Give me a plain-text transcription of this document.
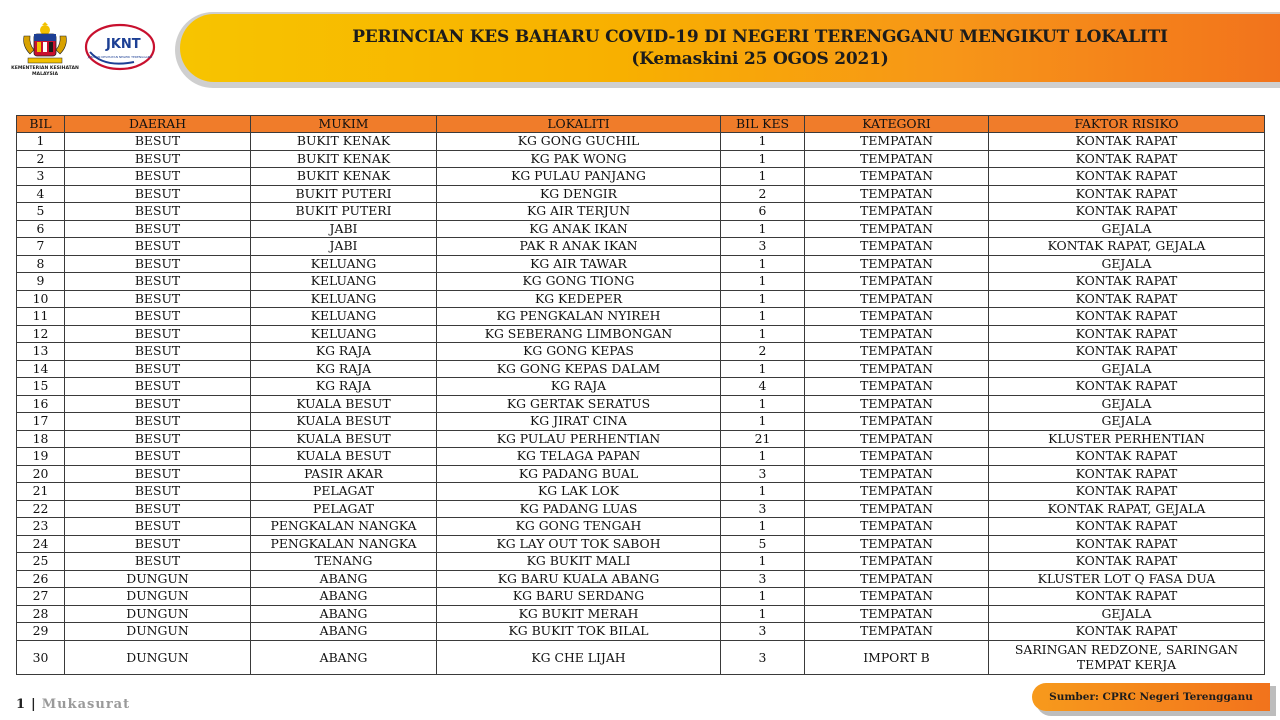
KEMENTERIAN KESIHATAN MALAYSIA
JKNT
JABATAN KESIHATAN NEGERI TERENGGANU
PERINCIAN KES BAHARU COVID-19 DI NEGERI TERENGGANU MENGIKUT LOKALITI
(Kemaskini 25 OGOS 2021)
BIL	DAERAH	MUKIM	LOKALITI	BIL KES	KATEGORI	FAKTOR RISIKO
1	BESUT	BUKIT KENAK	KG GONG GUCHIL	1	TEMPATAN	KONTAK RAPAT
2	BESUT	BUKIT KENAK	KG PAK WONG	1	TEMPATAN	KONTAK RAPAT
3	BESUT	BUKIT KENAK	KG PULAU PANJANG	1	TEMPATAN	KONTAK RAPAT
4	BESUT	BUKIT PUTERI	KG DENGIR	2	TEMPATAN	KONTAK RAPAT
5	BESUT	BUKIT PUTERI	KG AIR TERJUN	6	TEMPATAN	KONTAK RAPAT
6	BESUT	JABI	KG ANAK IKAN	1	TEMPATAN	GEJALA
7	BESUT	JABI	PAK R ANAK IKAN	3	TEMPATAN	KONTAK RAPAT, GEJALA
8	BESUT	KELUANG	KG AIR TAWAR	1	TEMPATAN	GEJALA
9	BESUT	KELUANG	KG GONG TIONG	1	TEMPATAN	KONTAK RAPAT
10	BESUT	KELUANG	KG KEDEPER	1	TEMPATAN	KONTAK RAPAT
11	BESUT	KELUANG	KG PENGKALAN NYIREH	1	TEMPATAN	KONTAK RAPAT
12	BESUT	KELUANG	KG SEBERANG LIMBONGAN	1	TEMPATAN	KONTAK RAPAT
13	BESUT	KG RAJA	KG GONG KEPAS	2	TEMPATAN	KONTAK RAPAT
14	BESUT	KG RAJA	KG GONG KEPAS DALAM	1	TEMPATAN	GEJALA
15	BESUT	KG RAJA	KG RAJA	4	TEMPATAN	KONTAK RAPAT
16	BESUT	KUALA BESUT	KG GERTAK SERATUS	1	TEMPATAN	GEJALA
17	BESUT	KUALA BESUT	KG JIRAT CINA	1	TEMPATAN	GEJALA
18	BESUT	KUALA BESUT	KG PULAU PERHENTIAN	21	TEMPATAN	KLUSTER PERHENTIAN
19	BESUT	KUALA BESUT	KG TELAGA PAPAN	1	TEMPATAN	KONTAK RAPAT
20	BESUT	PASIR AKAR	KG PADANG BUAL	3	TEMPATAN	KONTAK RAPAT
21	BESUT	PELAGAT	KG LAK LOK	1	TEMPATAN	KONTAK RAPAT
22	BESUT	PELAGAT	KG PADANG LUAS	3	TEMPATAN	KONTAK RAPAT, GEJALA
23	BESUT	PENGKALAN NANGKA	KG GONG TENGAH	1	TEMPATAN	KONTAK RAPAT
24	BESUT	PENGKALAN NANGKA	KG LAY OUT TOK SABOH	5	TEMPATAN	KONTAK RAPAT
25	BESUT	TENANG	KG BUKIT MALI	1	TEMPATAN	KONTAK RAPAT
26	DUNGUN	ABANG	KG BARU KUALA ABANG	3	TEMPATAN	KLUSTER LOT Q FASA DUA
27	DUNGUN	ABANG	KG BARU SERDANG	1	TEMPATAN	KONTAK RAPAT
28	DUNGUN	ABANG	KG BUKIT MERAH	1	TEMPATAN	GEJALA
29	DUNGUN	ABANG	KG BUKIT TOK BILAL	3	TEMPATAN	KONTAK RAPAT
30	DUNGUN	ABANG	KG CHE LIJAH	3	IMPORT B	SARINGAN REDZONE, SARINGAN TEMPAT KERJA
1 | Mukasurat	Sumber: CPRC Negeri Terengganu
